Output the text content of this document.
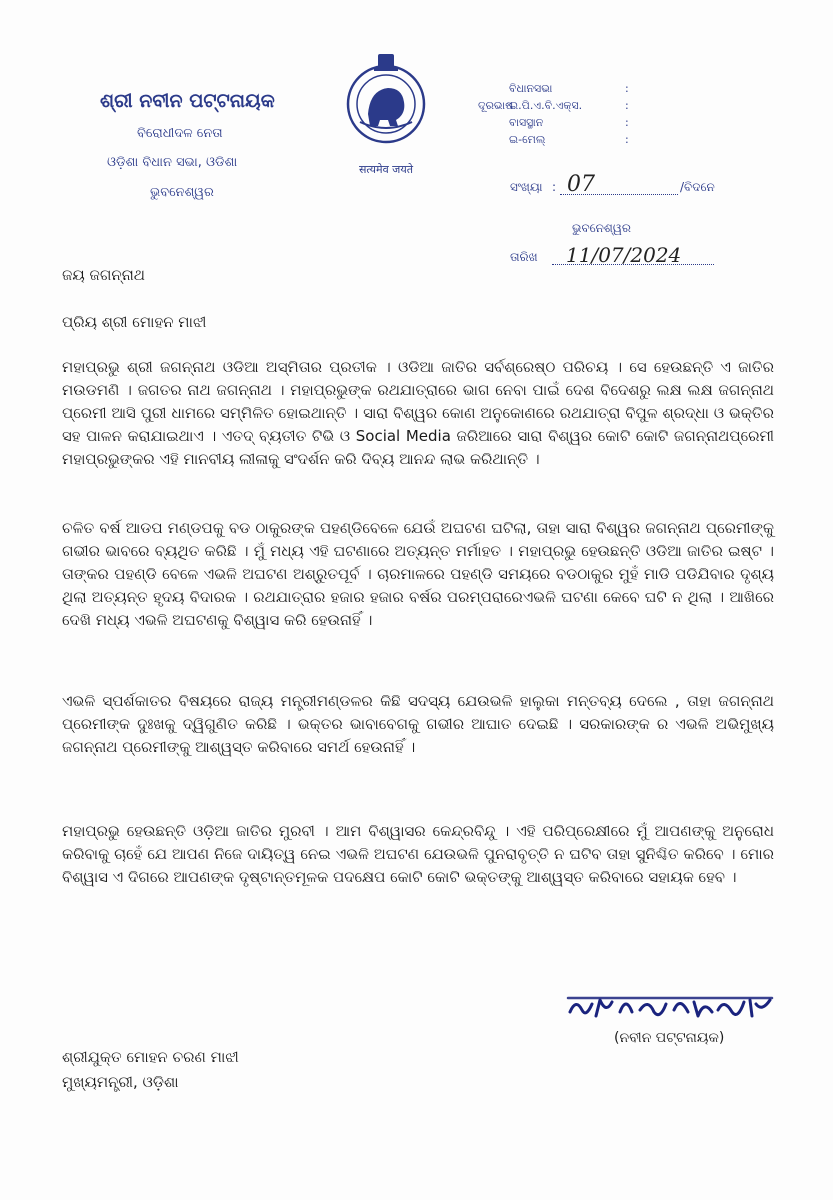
ଶ୍ରୀ ନବୀନ ପଟ୍ଟନାୟକ
ବିରୋଧୀଦଳ ନେତା
ଓଡ଼ିଶା ବିଧାନ ସଭା, ଓଡିଶା
ଭୁବନେଶ୍ୱର
सत्यमेव जयते
ବିଧାନସଭା	:
ଦୂରଭାଷ
ଇ.ପି.ଏ.ବି.ଏକ୍ସ.	:
ବାସସ୍ଥାନ	:
ଇ-ମେଲ୍	:
ସଂଖ୍ୟା : 07	/ବିଦନେ
ଭୁବନେଶ୍ୱର
ତାରିଖ 11/07/2024
ଜୟ ଜଗନ୍ନାଥ
ପ୍ରିୟ ଶ୍ରୀ ମୋହନ ମାଝୀ
ମହାପ୍ରଭୁ ଶ୍ରୀ ଜଗନ୍ନାଥ ଓଡିଆ ଅସ୍ମିତାର ପ୍ରତୀକ । ଓଡିଆ ଜାତିର ସର୍ବଶ୍ରେଷ୍ଠ ପରିଚୟ । ସେ ହେଉଛନ୍ତି ଏ ଜାତିର ମଉଡମଣି । ଜଗତର ନାଥ ଜଗନ୍ନାଥ । ମହାପ୍ରଭୁଙ୍କ ରଥଯାତ୍ରାରେ ଭାଗ ନେବା ପାଇଁ ଦେଶ ବିଦେଶରୁ ଲକ୍ଷ ଲକ୍ଷ ଜଗନ୍ନାଥ ପ୍ରେମୀ ଆସି ପୁରୀ ଧାମରେ ସମ୍ମିଳିତ ହୋଇଥାନ୍ତି । ସାରା ବିଶ୍ୱର କୋଣ ଅନୁକୋଣରେ ରଥଯାତ୍ରା ବିପୁଳ ଶ୍ରଦ୍ଧା ଓ ଭକ୍ତିର ସହ ପାଳନ କରାଯାଇଥାଏ । ଏତଦ୍ ବ୍ୟତୀତ ଟିଭି ଓ Social Media ଜରିଆରେ ସାରା ବିଶ୍ୱର କୋଟି କୋଟି ଜଗନ୍ନାଥପ୍ରେମୀ ମହାପ୍ରଭୁଙ୍କର ଏହି ମାନବୀୟ ଲୀଳାକୁ ସଂଦର୍ଶନ କରି ଦିବ୍ୟ ଆନନ୍ଦ ଲାଭ କରିଥାନ୍ତି ।
ଚଳିତ ବର୍ଷ ଆଡପ ମଣ୍ଡପକୁ ବଡ ଠାକୁରଙ୍କ ପହଣ୍ଡିବେଳେ ଯେଉଁ ଅଘଟଣ ଘଟିଲା, ତାହା ସାରା ବିଶ୍ୱର ଜଗନ୍ନାଥ ପ୍ରେମୀଙ୍କୁ ଗଭୀର ଭାବରେ ବ୍ୟଥିତ କରିଛି । ମୁଁ ମଧ୍ୟ ଏହି ଘଟଣାରେ ଅତ୍ୟନ୍ତ ମର୍ମାହତ । ମହାପ୍ରଭୁ ହେଉଛନ୍ତି ଓଡିଆ ଜାତିର ଇଷ୍ଟ । ତାଙ୍କର ପହଣ୍ଡି ବେଳେ ଏଭଳି ଅଘଟଣ ଅଶ୍ରୁତପୂର୍ବ । ଚାରମାଳରେ ପହଣ୍ଡି ସମୟରେ ବଡଠାକୁର ମୁହଁ ମାଡି ପଡିଯିବାର ଦୃଶ୍ୟ ଥିଲା ଅତ୍ୟନ୍ତ ହୃଦୟ ବିଦାରକ । ରଥଯାତ୍ରାର ହଜାର ହଜାର ବର୍ଷର ପରମ୍ପରାରେଏଭଳି ଘଟଣା କେବେ ଘଟି ନ ଥିଲା । ଆଖିରେ ଦେଖି ମଧ୍ୟ ଏଭଳି ଅଘଟଣକୁ ବିଶ୍ୱାସ କରି ହେଉନାହିଁ ।
ଏଭଳି ସ୍ପର୍ଶକାତର ବିଷୟରେ ରାଜ୍ୟ ମନ୍ତ୍ରୀମଣ୍ଡଳର କିଛି ସଦସ୍ୟ ଯେଉଭଳି ହାଲୁକା ମନ୍ତବ୍ୟ ଦେଲେ , ତାହା ଜଗନ୍ନାଥ ପ୍ରେମୀଙ୍କ ଦୁଃଖକୁ ଦ୍ୱିଗୁଣିତ କରିଛି । ଭକ୍ତର ଭାବାବେଗକୁ ଗଭୀର ଆଘାତ ଦେଇଛି । ସରକାରଙ୍କ ର ଏଭଳି ଅଭିମୁଖ୍ୟ ଜଗନ୍ନାଥ ପ୍ରେମୀଙ୍କୁ ଆଶ୍ୱସ୍ତ କରିବାରେ ସମର୍ଥ ହେଉନାହିଁ ।
ମହାପ୍ରଭୁ ହେଉଛନ୍ତି ଓଡ଼ିଆ ଜାତିର ମୁରବୀ । ଆମ ବିଶ୍ୱାସର କେନ୍ଦ୍ରବିନ୍ଦୁ । ଏହି ପରିପ୍ରେକ୍ଷୀରେ ମୁଁ ଆପଣଙ୍କୁ ଅନୁରୋଧ କରିବାକୁ ଚାହେଁ ଯେ ଆପଣ ନିଜେ ଦାୟିତ୍ୱ ନେଇ ଏଭଳି ଅଘଟଣ ଯେଉଭଳି ପୁନରାବୃତ୍ତି ନ ଘଟିବ ତାହା ସୁନିଶ୍ଚିତ କରିବେ । ମୋର ବିଶ୍ୱାସ ଏ ଦିଗରେ ଆପଣଙ୍କ ଦୃଷ୍ଟାନ୍ତମୂଳକ ପଦକ୍ଷେପ କୋଟି କୋଟି ଭକ୍ତଙ୍କୁ ଆଶ୍ୱସ୍ତ କରିବାରେ ସହାୟକ ହେବ ।
(ନବୀନ ପଟ୍ଟନାୟକ)
ଶ୍ରୀଯୁକ୍ତ ମୋହନ ଚରଣ ମାଝୀ
ମୁଖ୍ୟମନ୍ତ୍ରୀ, ଓଡ଼ିଶା
